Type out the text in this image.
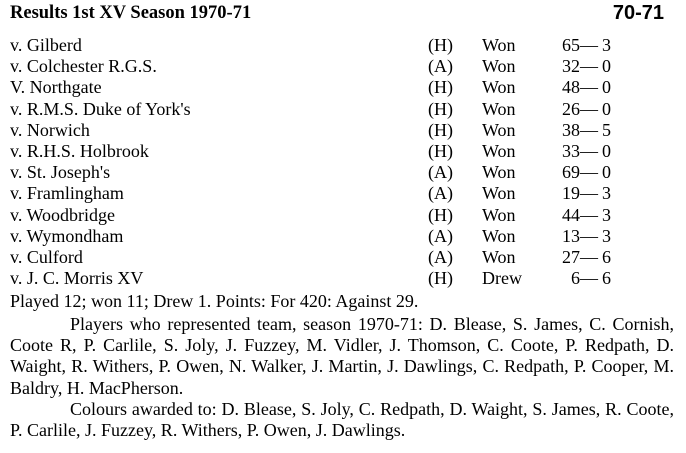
Results 1st XV Season 1970-71	70-71
v. Gilberd	(H) Won	65— 3
v. Colchester R.G.S.	(A) Won	32— 0
V. Northgate	(H) Won	48— 0
v. R.M.S. Duke of York's	(H) Won	26— 0
v. Norwich	(H) Won	38— 5
v. R.H.S. Holbrook	(H) Won	33— 0
v. St. Joseph's	(A) Won	69— 0
v. Framlingham	(A) Won	19— 3
v. Woodbridge	(H) Won	44— 3
v. Wymondham	(A) Won	13— 3
v. Culford	(A) Won	27— 6
v. J. C. Morris XV	(H) Drew	6— 6
Played 12; won 11; Drew 1. Points: For 420: Against 29.

Players who represented team, season 1970-71: D. Blease, S. James, C. Cornish, Coote R, P. Carlile, S. Joly, J. Fuzzey, M. Vidler, J. Thomson, C. Coote, P. Redpath, D. Waight, R. Withers, P. Owen, N. Walker, J. Martin, J. Dawlings, C. Redpath, P. Cooper, M. Baldry, H. MacPherson.

Colours awarded to: D. Blease, S. Joly, C. Redpath, D. Waight, S. James, R. Coote, P. Carlile, J. Fuzzey, R. Withers, P. Owen, J. Dawlings.
